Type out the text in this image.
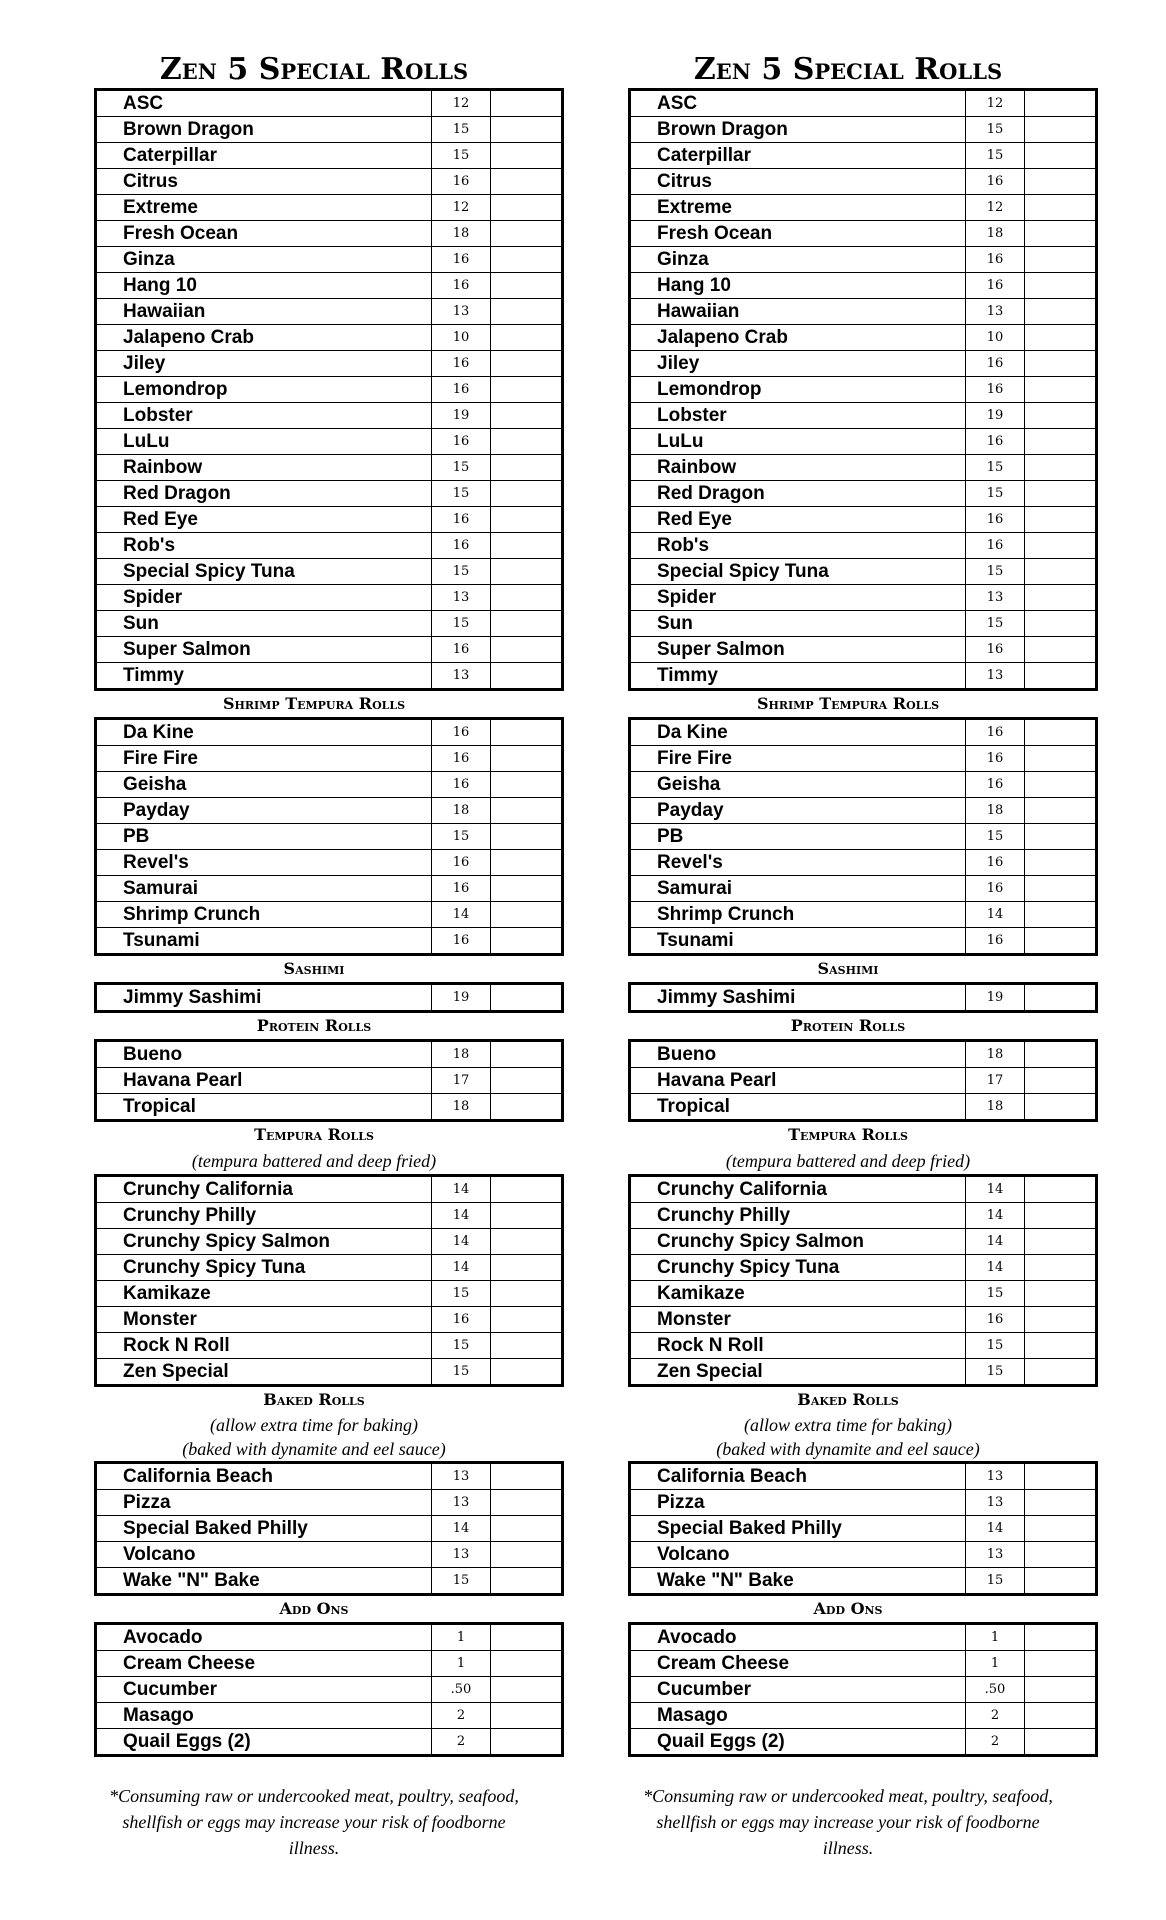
Zen 5 Special Rolls
ASC	12	
Brown Dragon	15	
Caterpillar	15	
Citrus	16	
Extreme	12	
Fresh Ocean	18	
Ginza	16	
Hang 10	16	
Hawaiian	13	
Jalapeno Crab	10	
Jiley	16	
Lemondrop	16	
Lobster	19	
LuLu	16	
Rainbow	15	
Red Dragon	15	
Red Eye	16	
Rob's	16	
Special Spicy Tuna	15	
Spider	13	
Sun	15	
Super Salmon	16	
Timmy	13	
Shrimp Tempura Rolls
Da Kine	16	
Fire Fire	16	
Geisha	16	
Payday	18	
PB	15	
Revel's	16	
Samurai	16	
Shrimp Crunch	14	
Tsunami	16	
Sashimi
Jimmy Sashimi	19	
Protein Rolls
Bueno	18	
Havana Pearl	17	
Tropical	18	
Tempura Rolls
(tempura battered and deep fried)
Crunchy California	14	
Crunchy Philly	14	
Crunchy Spicy Salmon	14	
Crunchy Spicy Tuna	14	
Kamikaze	15	
Monster	16	
Rock N Roll	15	
Zen Special	15	
Baked Rolls
(allow extra time for baking)
(baked with dynamite and eel sauce)
California Beach	13	
Pizza	13	
Special Baked Philly	14	
Volcano	13	
Wake "N" Bake	15	
Add Ons
Avocado	1	
Cream Cheese	1	
Cucumber	.50	
Masago	2	
Quail Eggs (2)	2	
*Consuming raw or undercooked meat, poultry, seafood, shellfish or eggs may increase your risk of foodborne illness.
Zen 5 Special Rolls
ASC	12	
Brown Dragon	15	
Caterpillar	15	
Citrus	16	
Extreme	12	
Fresh Ocean	18	
Ginza	16	
Hang 10	16	
Hawaiian	13	
Jalapeno Crab	10	
Jiley	16	
Lemondrop	16	
Lobster	19	
LuLu	16	
Rainbow	15	
Red Dragon	15	
Red Eye	16	
Rob's	16	
Special Spicy Tuna	15	
Spider	13	
Sun	15	
Super Salmon	16	
Timmy	13	
Shrimp Tempura Rolls
Da Kine	16	
Fire Fire	16	
Geisha	16	
Payday	18	
PB	15	
Revel's	16	
Samurai	16	
Shrimp Crunch	14	
Tsunami	16	
Sashimi
Jimmy Sashimi	19	
Protein Rolls
Bueno	18	
Havana Pearl	17	
Tropical	18	
Tempura Rolls
(tempura battered and deep fried)
Crunchy California	14	
Crunchy Philly	14	
Crunchy Spicy Salmon	14	
Crunchy Spicy Tuna	14	
Kamikaze	15	
Monster	16	
Rock N Roll	15	
Zen Special	15	
Baked Rolls
(allow extra time for baking)
(baked with dynamite and eel sauce)
California Beach	13	
Pizza	13	
Special Baked Philly	14	
Volcano	13	
Wake "N" Bake	15	
Add Ons
Avocado	1	
Cream Cheese	1	
Cucumber	.50	
Masago	2	
Quail Eggs (2)	2	
*Consuming raw or undercooked meat, poultry, seafood, shellfish or eggs may increase your risk of foodborne illness.
